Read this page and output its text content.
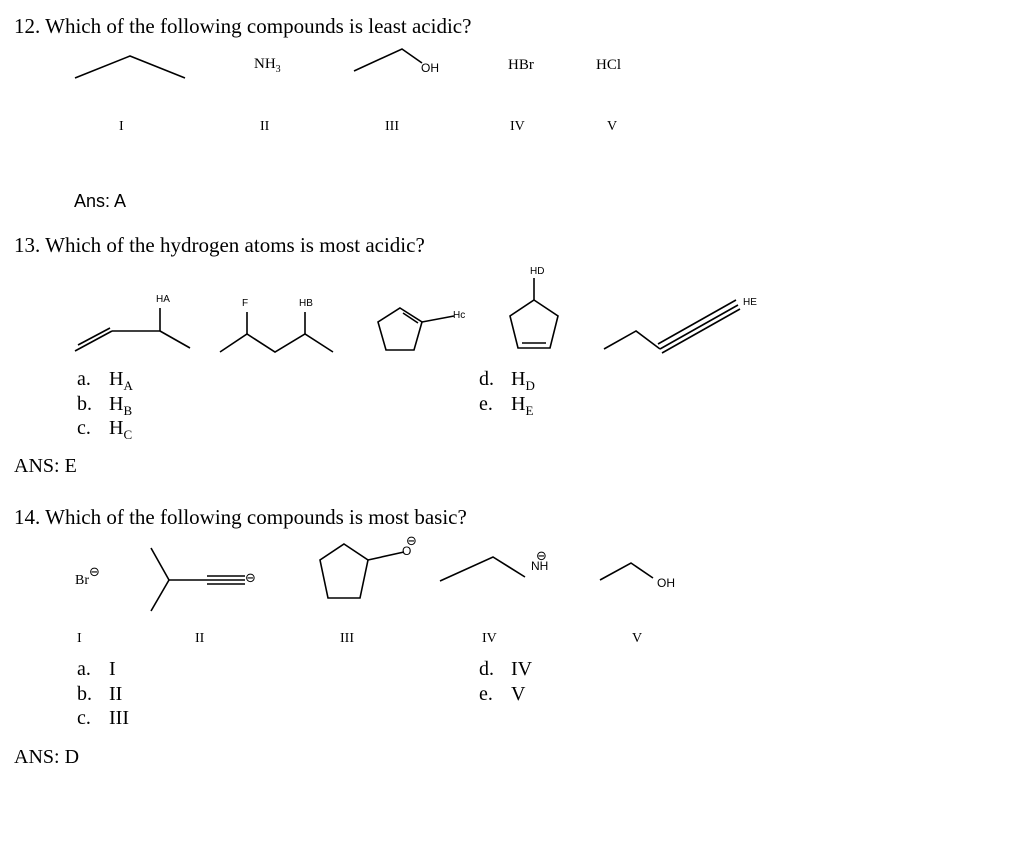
12. Which of the following compounds is least acidic?
$NH_3$	OH	HBr	HCl
I	II	III	IV	V
Ans: A
13. Which of the hydrogen atoms is most acidic?
HA	F	HB
Hc
HD
HE
a. $H_A$
b. $H_B$
c. $H_C$
d. $H_D$
e. $H_E$
ANS: E
14. Which of the following compounds is most basic?
Br
⊖	⊖
O
⊖
NH
⊖
OH
I	II	III	IV	V
a. I
b. II
c. III
d. IV
e. V
ANS: D
